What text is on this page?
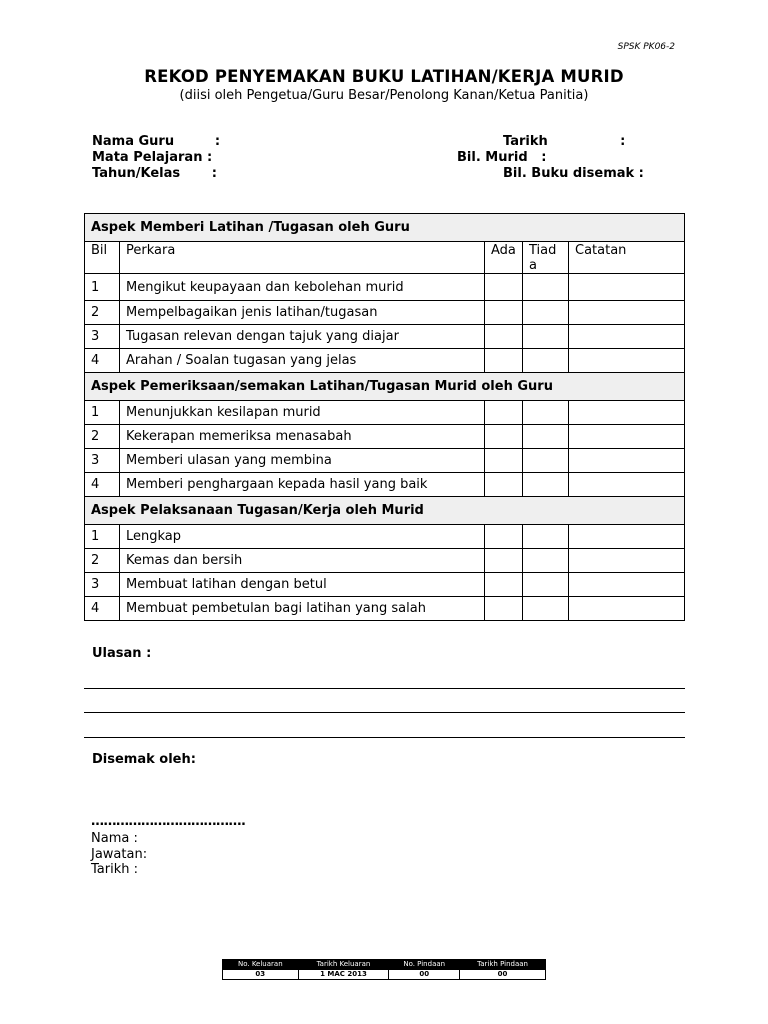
SPSK PK06-2
REKOD PENYEMAKAN BUKU LATIHAN/KERJA MURID
(diisi oleh Pengetua/Guru Besar/Penolong Kanan/Ketua Panitia)
Nama Guru         :
Mata Pelajaran :
Tahun/Kelas       :
Tarikh                :
Bil. Murid   :
Bil. Buku disemak :
Aspek Memberi Latihan /Tugasan oleh Guru				
Bil	Perkara	Ada	Tiada	Catatan
1	Mengikut keupayaan dan kebolehan murid			
2	Mempelbagaikan jenis latihan/tugasan			
3	Tugasan relevan dengan tajuk yang diajar			
4	Arahan / Soalan tugasan yang jelas			
Aspek Pemeriksaan/semakan Latihan/Tugasan Murid oleh Guru				
1	Menunjukkan kesilapan murid			
2	Kekerapan memeriksa menasabah			
3	Memberi ulasan yang membina			
4	Memberi penghargaan kepada hasil yang baik			
Aspek Pelaksanaan Tugasan/Kerja oleh Murid				
1	Lengkap			
2	Kemas dan bersih			
3	Membuat latihan dengan betul			
4	Membuat pembetulan bagi latihan yang salah			
Ulasan :
Disemak oleh:
……………………………….
Nama :
Jawatan:
Tarikh :
No. Keluaran	Tarikh Keluaran	No. Pindaan	Tarikh Pindaan
03	1 MAC 2013	00	00
